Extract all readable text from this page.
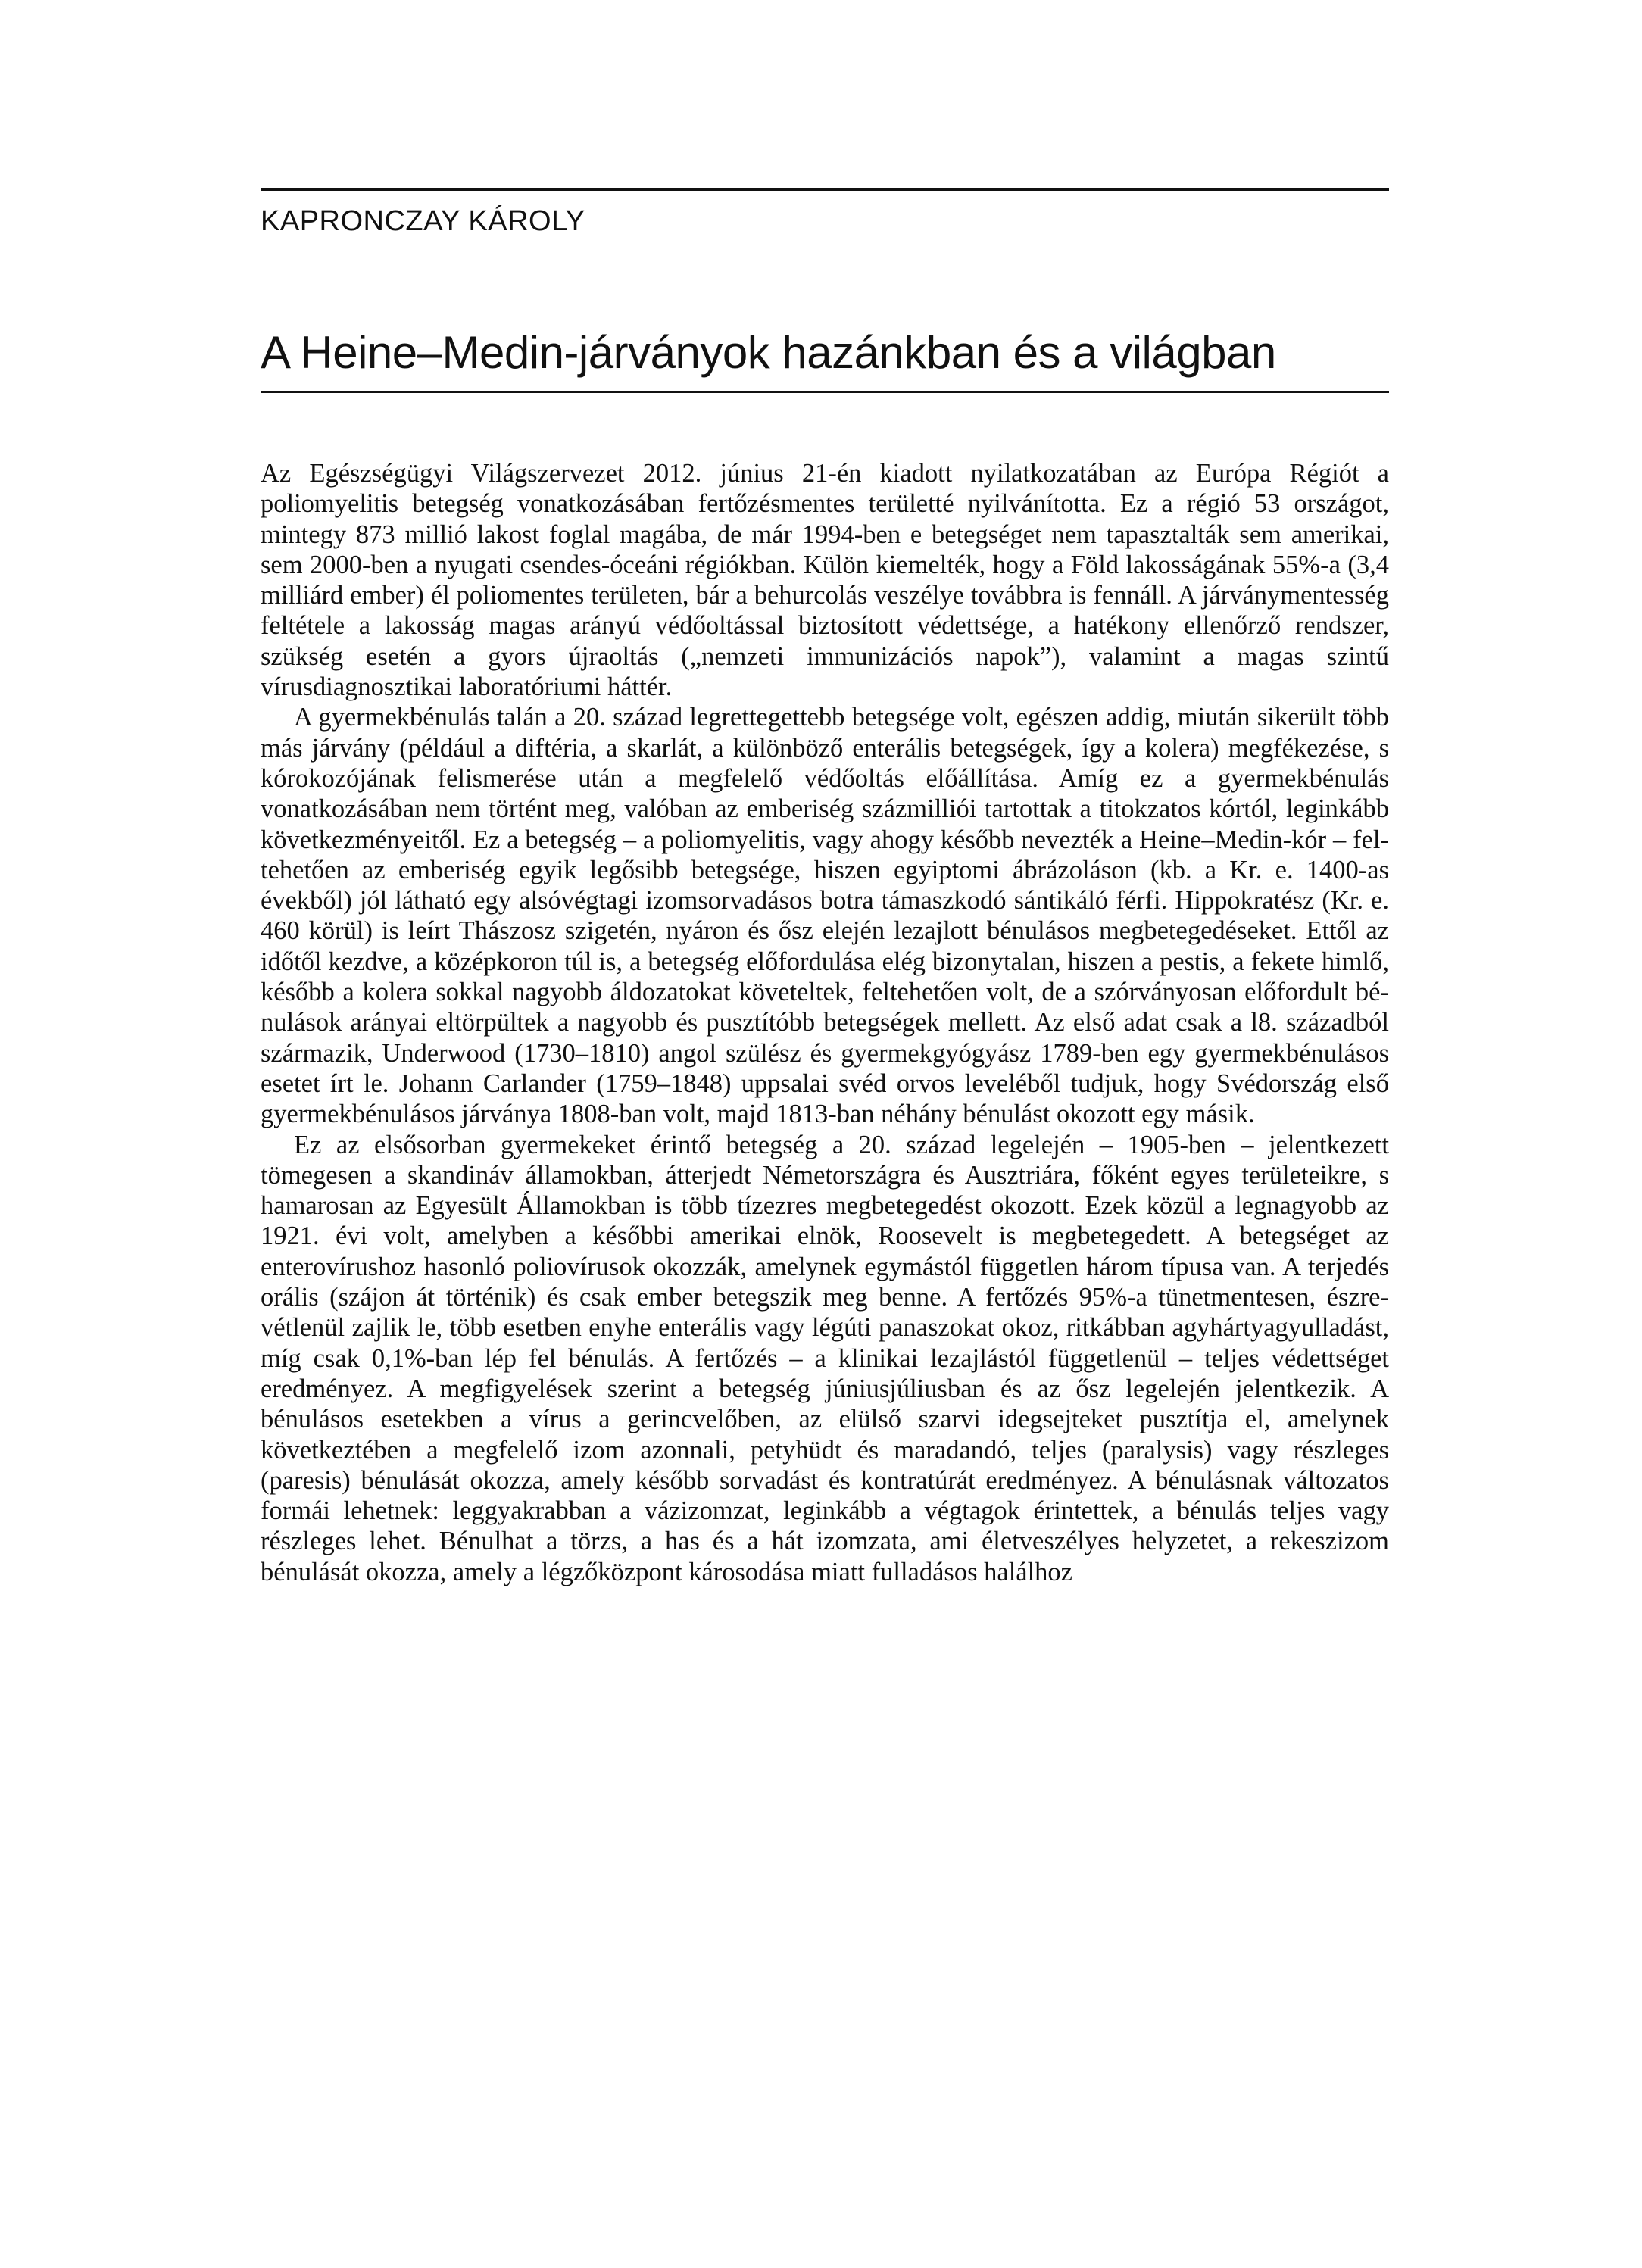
KAPRONCZAY KÁROLY
A Heine–Medin-járványok hazánkban és a világban

Az Egészségügyi Világszervezet 2012. június 21-én kiadott nyilatkozatában az Európa Régiót a poliomyelitis betegség vonatkozásában fertőzésmentes területté nyilvánította. Ez a régió 53 országot, mintegy 873 millió lakost foglal magába, de már 1994-ben e betegséget nem tapasztalták sem amerikai, sem 2000-ben a nyugati csendes-óceáni régiókban. Külön kiemelték, hogy a Föld lakosságának 55%-a (3,4 milliárd ember) él poliomentes területen, bár a behurcolás veszélye továbbra is fennáll. A járványmentesség feltétele a lakosság magas arányú védőoltással biztosított védettsége, a hatékony ellenőrző rendszer, szükség esetén a gyors újraoltás („nemzeti immunizációs napok”), valamint a magas szintű vírusdiagnosztikai laboratóriumi háttér.

A gyermekbénulás talán a 20. század legrettegettebb betegsége volt, egészen addig, miután sikerült több más járvány (például a diftéria, a skarlát, a különböző enterális betegségek, így a kolera) megfékezése, s kórokozójának felismerése után a megfelelő védőoltás előállítása. Amíg ez a gyermekbénulás vonatkozásában nem történt meg, valóban az emberiség százmilliói tartottak a titokzatos kórtól, leginkább következményeitől. Ez a betegség – a poliomyelitis, vagy ahogy később nevezték a Heine–Medin-kór – feltehetően az emberiség egyik legősibb betegsége, hiszen egyiptomi ábrázoláson (kb. a Kr. e. 1400-as évekből) jól látható egy alsóvégtagi izomsorvadásos botra támaszkodó sántikáló férfi. Hippokratész (Kr. e. 460 körül) is leírt Thászosz szigetén, nyáron és ősz elején lezajlott bénulásos megbetegedéseket. Ettől az időtől kezdve, a középkoron túl is, a betegség előfordulása elég bizonytalan, hiszen a pestis, a fekete himlő, később a kolera sokkal nagyobb áldozatokat követeltek, feltehetően volt, de a szórványosan előfordult bénulások arányai eltörpültek a nagyobb és pusztítóbb betegségek mellett. Az első adat csak a l8. századból származik, Underwood (1730–1810) angol szülész és gyermekgyógyász 1789-ben egy gyermekbénulásos esetet írt le. Johann Carlander (1759–1848) uppsalai svéd orvos leveléből tudjuk, hogy Svédország első gyermekbénulásos járványa 1808-ban volt, majd 1813-ban néhány bénulást okozott egy másik.

Ez az elsősorban gyermekeket érintő betegség a 20. század legelején – 1905-ben – jelentkezett tömegesen a skandináv államokban, átterjedt Németországra és Ausztriára, főként egyes területeikre, s hamarosan az Egyesült Államokban is több tízezres megbetegedést okozott. Ezek közül a legnagyobb az 1921. évi volt, amelyben a későbbi amerikai elnök, Roosevelt is megbetegedett. A betegséget az enterovírushoz hasonló poliovírusok okozzák, amelynek egymástól független három típusa van. A terjedés orális (szájon át történik) és csak ember betegszik meg benne. A fertőzés 95%-a tünetmentesen, észrevétlenül zajlik le, több esetben enyhe enterális vagy légúti panaszokat okoz, ritkábban agyhártyagyulladást, míg csak 0,1%-ban lép fel bénulás. A fertőzés – a klinikai lezajlástól függetlenül – teljes védettséget eredményez. A megfigyelések szerint a betegség júniusjúliusban és az ősz legelején jelentkezik. A bénulásos esetekben a vírus a gerincvelőben, az elülső szarvi idegsejteket pusztítja el, amelynek következtében a megfelelő izom azonnali, petyhüdt és maradandó, teljes (paralysis) vagy részleges (paresis) bénulását okozza, amely később sorvadást és kontratúrát eredményez. A bénulásnak változatos formái lehetnek: leggyakrabban a vázizomzat, leginkább a végtagok érintettek, a bénulás teljes vagy részleges lehet. Bénulhat a törzs, a has és a hát izomzata, ami életveszélyes helyzetet, a rekeszizom bénulását okozza, amely a légzőközpont károsodása miatt fulladásos halálhoz
